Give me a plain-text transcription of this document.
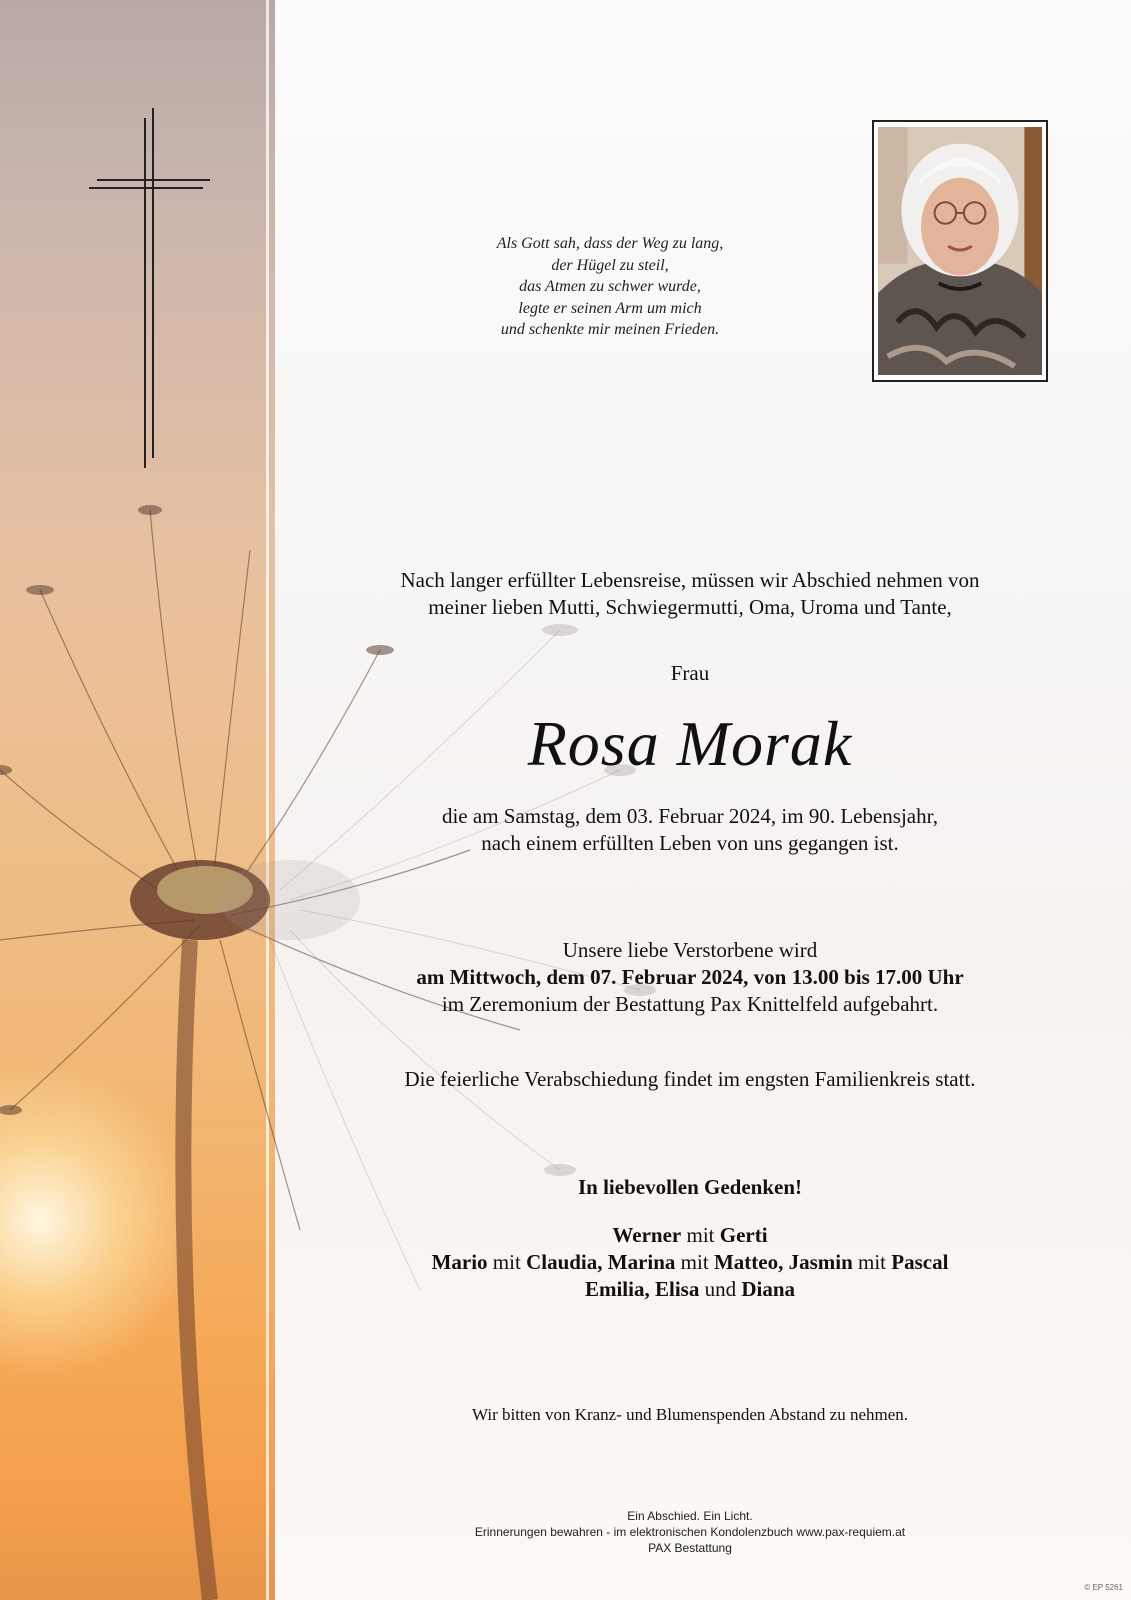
Als Gott sah, dass der Weg zu lang,
der Hügel zu steil,
das Atmen zu schwer wurde,
legte er seinen Arm um mich
und schenkte mir meinen Frieden.
Nach langer erfüllter Lebensreise, müssen wir Abschied nehmen von
meiner lieben Mutti, Schwiegermutti, Oma, Uroma und Tante,
Frau
Rosa Morak
die am Samstag, dem 03. Februar 2024, im 90. Lebensjahr,
nach einem erfüllten Leben von uns gegangen ist.
Unsere liebe Verstorbene wird
am Mittwoch, dem 07. Februar 2024, von 13.00 bis 17.00 Uhr
im Zeremonium der Bestattung Pax Knittelfeld aufgebahrt.
Die feierliche Verabschiedung findet im engsten Familienkreis statt.
In liebevollen Gedenken!
Werner mit Gerti
Mario mit Claudia, Marina mit Matteo, Jasmin mit Pascal
Emilia, Elisa und Diana
Wir bitten von Kranz- und Blumenspenden Abstand zu nehmen.
Ein Abschied. Ein Licht.
Erinnerungen bewahren - im elektronischen Kondolenzbuch www.pax-requiem.at
PAX Bestattung
© EP 5261
